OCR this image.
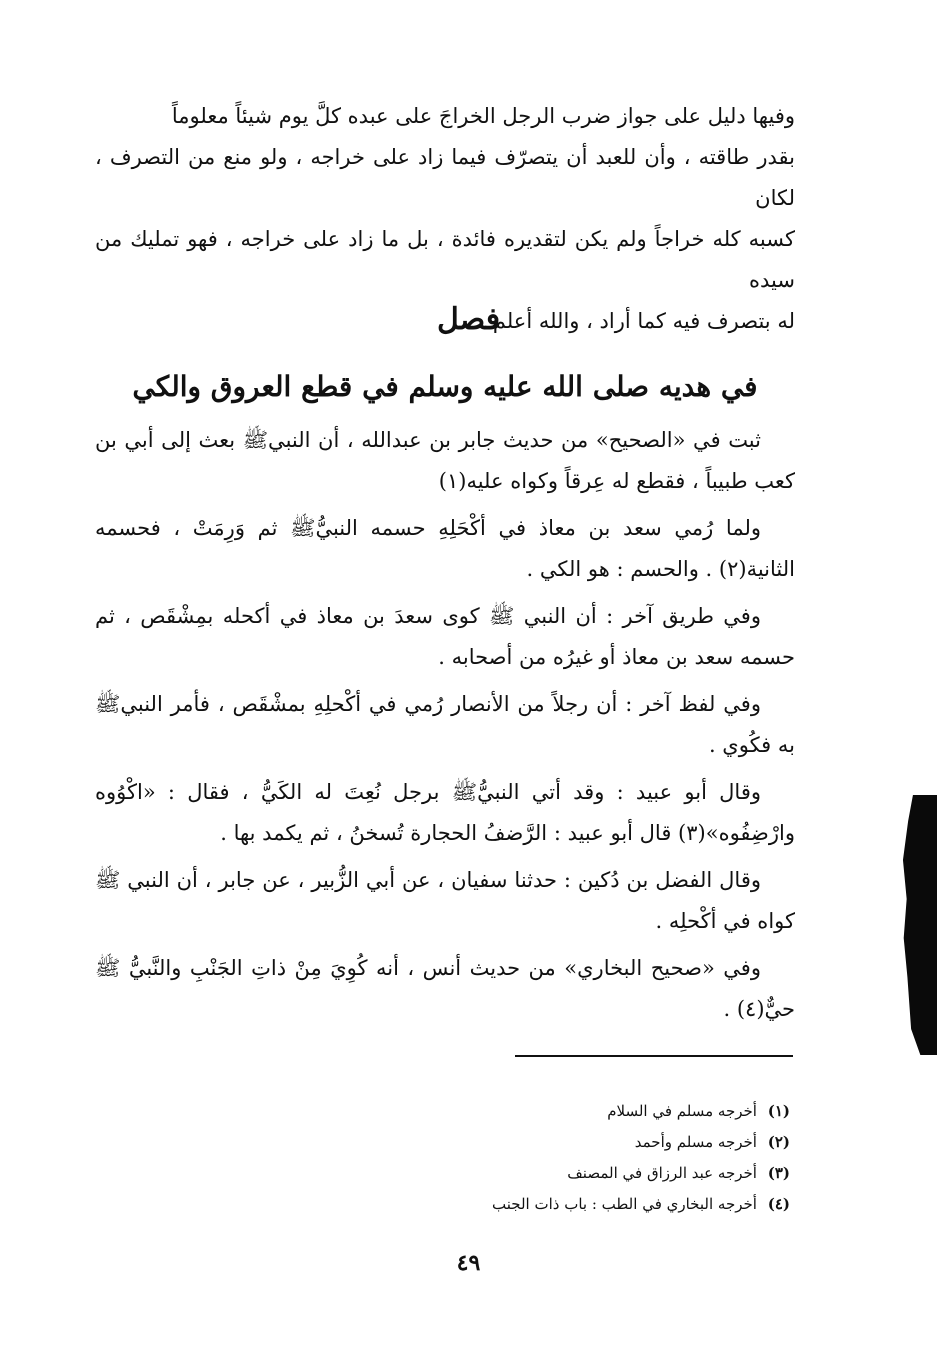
وفيها دليل على جواز ضرب الرجل الخراجَ على عبده كلَّ يوم شيئاً معلوماً

بقدر طاقته ، وأن للعبد أن يتصرّف فيما زاد على خراجه ، ولو منع من التصرف ، لكان

كسبه كله خراجاً ولم يكن لتقديره فائدة ، بل ما زاد على خراجه ، فهو تمليك من سيده

له بتصرف فيه كما أراد ، والله أعلم .

فصل
في هديه صلى الله عليه وسلم في قطع العروق والكي

ثبت في «الصحيح» من حديث جابر بن عبدالله ، أن النبيﷺ بعث إلى أبي بن كعب طبيباً ، فقطع له عِرقاً وكواه عليه(١)

ولما رُمي سعد بن معاذ في أكْحَلِهِ حسمه النبيُّﷺ ثم وَرِمَتْ ، فحسمه الثانية(٢) . والحسم : هو الكي .

وفي طريق آخر : أن النبي ﷺ كوى سعدَ بن معاذ في أكحله بمِشْقَص ، ثم حسمه سعد بن معاذ أو غيرُه من أصحابه .

وفي لفظ آخر : أن رجلاً من الأنصار رُمي في أكْحلِهِ بمشْقَص ، فأمر النبيﷺ به فكُوي .

وقال أبو عبيد : وقد أتي النبيُّﷺ برجل نُعِتَ له الكَيُّ ، فقال : «اكْوُوه وارْضِفُوه»(٣) قال أبو عبيد : الرَّضفُ الحجارة تُسخنُ ، ثم يكمد بها .

وقال الفضل بن دُكين : حدثنا سفيان ، عن أبي الزُّبير ، عن جابر ، أن النبي ﷺ كواه في أكْحلِه .

وفي «صحيح البخاري» من حديث أنس ، أنه كُوِيَ مِنْ ذاتِ الجَنْبِ والنَّبيُّ ﷺ حيٌّ(٤) .

(١) أخرجه مسلم في السلام
(٢) أخرجه مسلم وأحمد
(٣) أخرجه عبد الرزاق في المصنف
(٤) أخرجه البخاري في الطب : باب ذات الجنب
٤٩
